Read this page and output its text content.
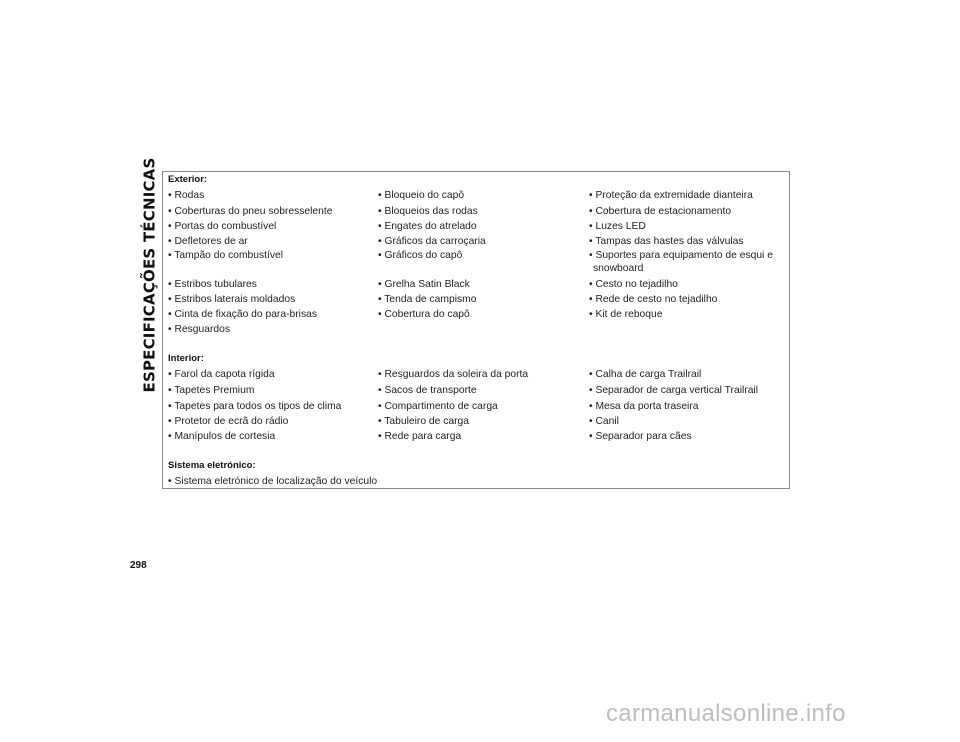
ESPECIFICAÇÕES TÉCNICAS Exterior:
• Rodas	• Bloqueio do capô	• Proteção da extremidade dianteira
• Coberturas do pneu sobresselente	• Bloqueios das rodas	• Cobertura de estacionamento
• Portas do combustível	• Engates do atrelado	• Luzes LED
• Defletores de ar	• Gráficos da carroçaria	• Tampas das hastes das válvulas
• Tampão do combustível	• Gráficos do capô	• Suportes para equipamento de esqui e
snowboard
• Estribos tubulares	• Grelha Satin Black	• Cesto no tejadilho
• Estribos laterais moldados	• Tenda de campismo	• Rede de cesto no tejadilho
• Cinta de fixação do para-brisas	• Cobertura do capô	• Kit de reboque
• Resguardos
Interior:
• Farol da capota rígida	• Resguardos da soleira da porta	• Calha de carga Trailrail
• Tapetes Premium	• Sacos de transporte	• Separador de carga vertical Trailrail
• Tapetes para todos os tipos de clima	• Compartimento de carga	• Mesa da porta traseira
• Protetor de ecrã do rádio	• Tabuleiro de carga	• Canil
• Manípulos de cortesia	• Rede para carga	• Separador para cães
Sistema eletrónico:
• Sistema eletrónico de localização do veículo
298
carmanualsonline.info
